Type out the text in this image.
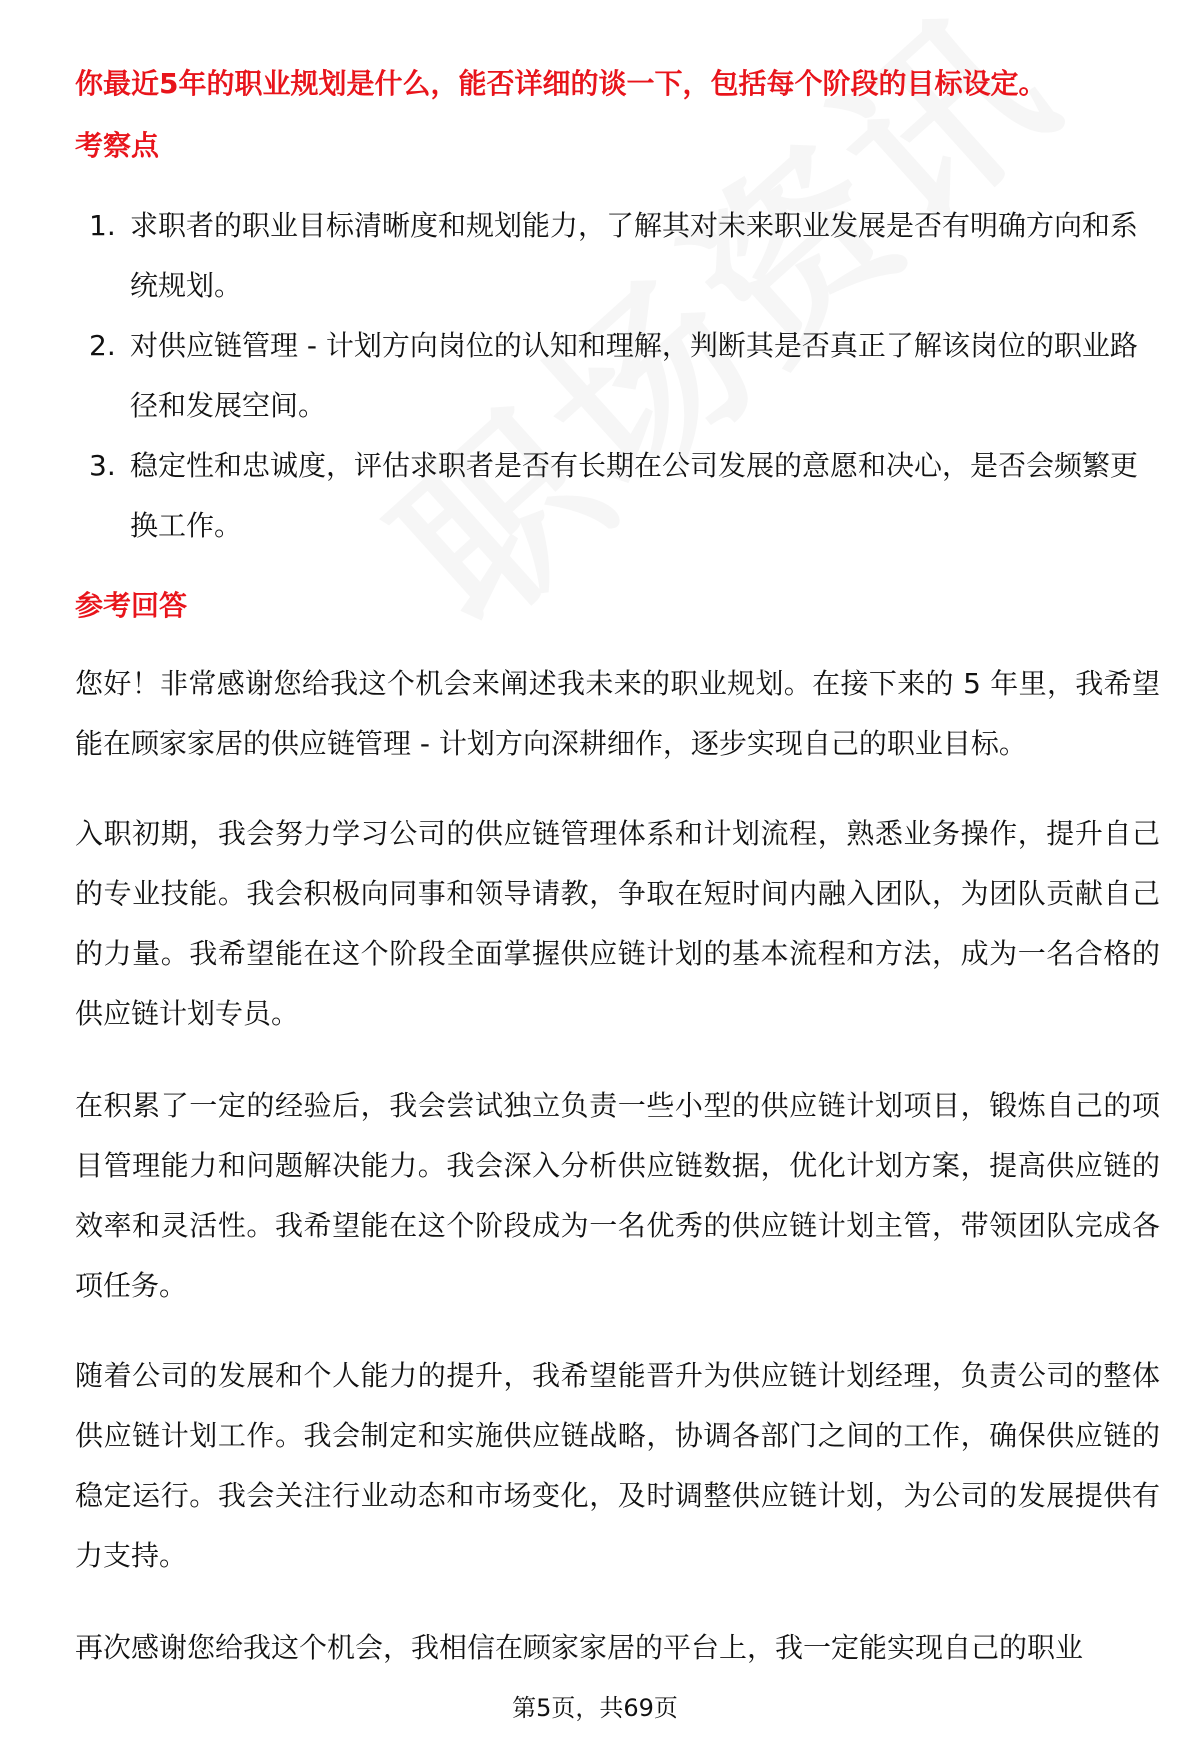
你最近5年的职业规划是什么，能否详细的谈一下，包括每个阶段的目标设定。
考察点
1. 求职者的职业目标清晰度和规划能力，了解其对未来职业发展是否有明确方向和系统规划。
2. 对供应链管理 - 计划方向岗位的认知和理解，判断其是否真正了解该岗位的职业路径和发展空间。
3. 稳定性和忠诚度，评估求职者是否有长期在公司发展的意愿和决心，是否会频繁更换工作。
参考回答

您好！非常感谢您给我这个机会来阐述我未来的职业规划。在接下来的 5 年里，我希望能在顾家家居的供应链管理 - 计划方向深耕细作，逐步实现自己的职业目标。

入职初期，我会努力学习公司的供应链管理体系和计划流程，熟悉业务操作，提升自己的专业技能。我会积极向同事和领导请教，争取在短时间内融入团队，为团队贡献自己的力量。我希望能在这个阶段全面掌握供应链计划的基本流程和方法，成为一名合格的供应链计划专员。

在积累了一定的经验后，我会尝试独立负责一些小型的供应链计划项目，锻炼自己的项目管理能力和问题解决能力。我会深入分析供应链数据，优化计划方案，提高供应链的效率和灵活性。我希望能在这个阶段成为一名优秀的供应链计划主管，带领团队完成各项任务。

随着公司的发展和个人能力的提升，我希望能晋升为供应链计划经理，负责公司的整体供应链计划工作。我会制定和实施供应链战略，协调各部门之间的工作，确保供应链的稳定运行。我会关注行业动态和市场变化，及时调整供应链计划，为公司的发展提供有力支持。

再次感谢您给我这个机会，我相信在顾家家居的平台上，我一定能实现自己的职业

第5页，共69页
